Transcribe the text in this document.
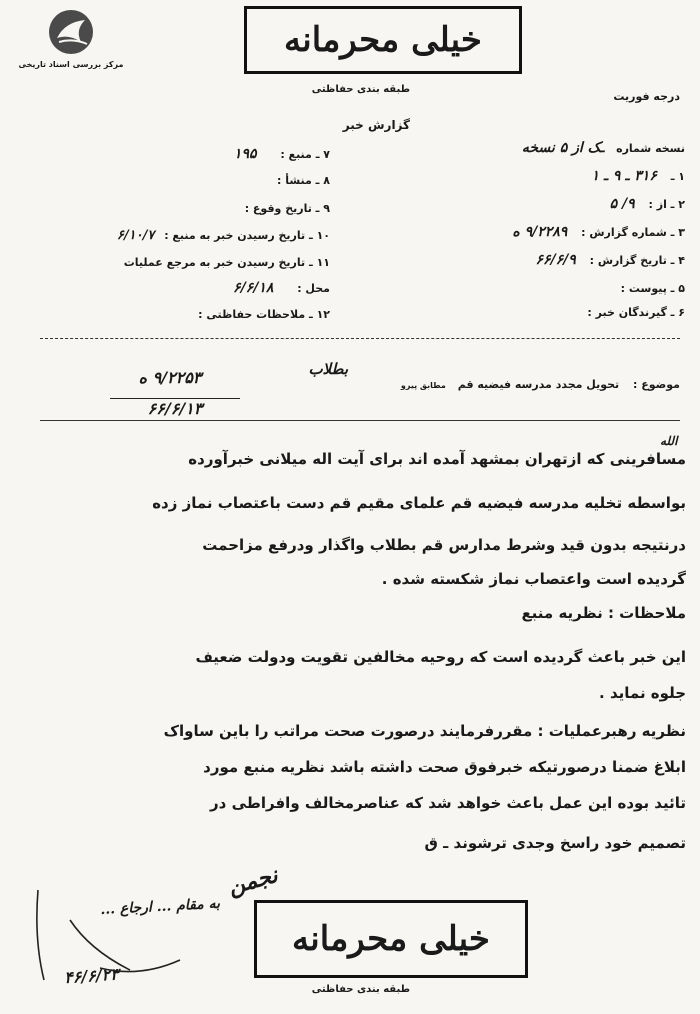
مرکز بررسی اسناد تاریخی
خیلی محرمانه
طبقه بندی حفاظتی
درجه فوریت
گزارش خبر
نسخه شماره ـک از ۵ نسخه
۱ ـ ۳۱۶ ـ ۹ ـ ۱
۲ ـ از : ۹/ ۵
۳ ـ شماره گزارش : ۹/۲۲۸۹ ه
۴ ـ تاریخ گزارش : ۶۶/۶/۹
۵ ـ پیوست :
۶ ـ گیرندگان خبر :
۷ ـ منبع : ۱۹۵
۸ ـ منشأ :
۹ ـ تاریخ وقوع :
۱۰ ـ تاریخ رسیدن خبر به منبع : ۶/۱۰/۷
۱۱ ـ تاریخ رسیدن خبر به مرجع عملیات
محل : ۶/۶/۱۸
۱۲ ـ ملاحظات حفاظتی :
موضوع : تحویل مجدد مدرسه فیضیه قم مطابق پیرو
بطلاب
۹/۲۲۵۳ ه
۶۶/۶/۱۳
الله
مسافرینی که ازتهران بمشهد آمده اند برای آیت اله میلانی خبرآورده
بواسطه تخلیه مدرسه فیضیه قم علمای مقیم قم دست باعتصاب نماز زده
درنتیجه بدون قید وشرط مدارس قم بطلاب واگذار ودرفع مزاحمت
گردیده است واعتصاب نماز شکسته شده .
ملاحظات : نظریه منبع
این خبر باعث گردیده است که روحیه مخالفین تقویت ودولت ضعیف
جلوه نماید .
نظریه رهبرعملیات : مقررفرمایند درصورت صحت مراتب را باین ساواک
ابلاغ ضمنا درصورتیکه خبرفوق صحت داشته باشد نظریه منبع مورد
تائید بوده این عمل باعث خواهد شد که عناصرمخالف وافراطی در
تصمیم خود راسخ وجدی ترشوند ـ ق
به مقام ... ارجاع ...
۴۶/۶/۲۳
نجمن
خیلی محرمانه
طبقه بندی حفاظتی
